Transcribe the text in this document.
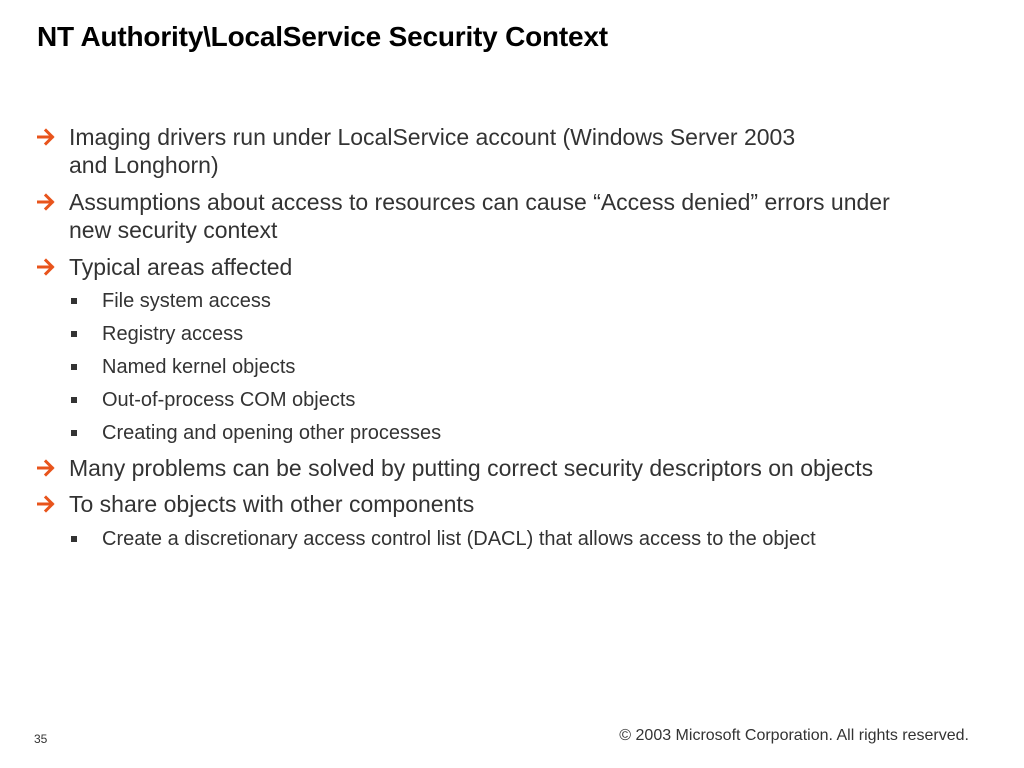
NT Authority\LocalService Security Context
Imaging drivers run under LocalService account (Windows Server 2003
and Longhorn)
Assumptions about access to resources can cause “Access denied” errors under
new security context
Typical areas affected
File system access
Registry access
Named kernel objects
Out-of-process COM objects
Creating and opening other processes
Many problems can be solved by putting correct security descriptors on objects
To share objects with other components
Create a discretionary access control list (DACL) that allows access to the object
35	© 2003 Microsoft Corporation. All rights reserved.
